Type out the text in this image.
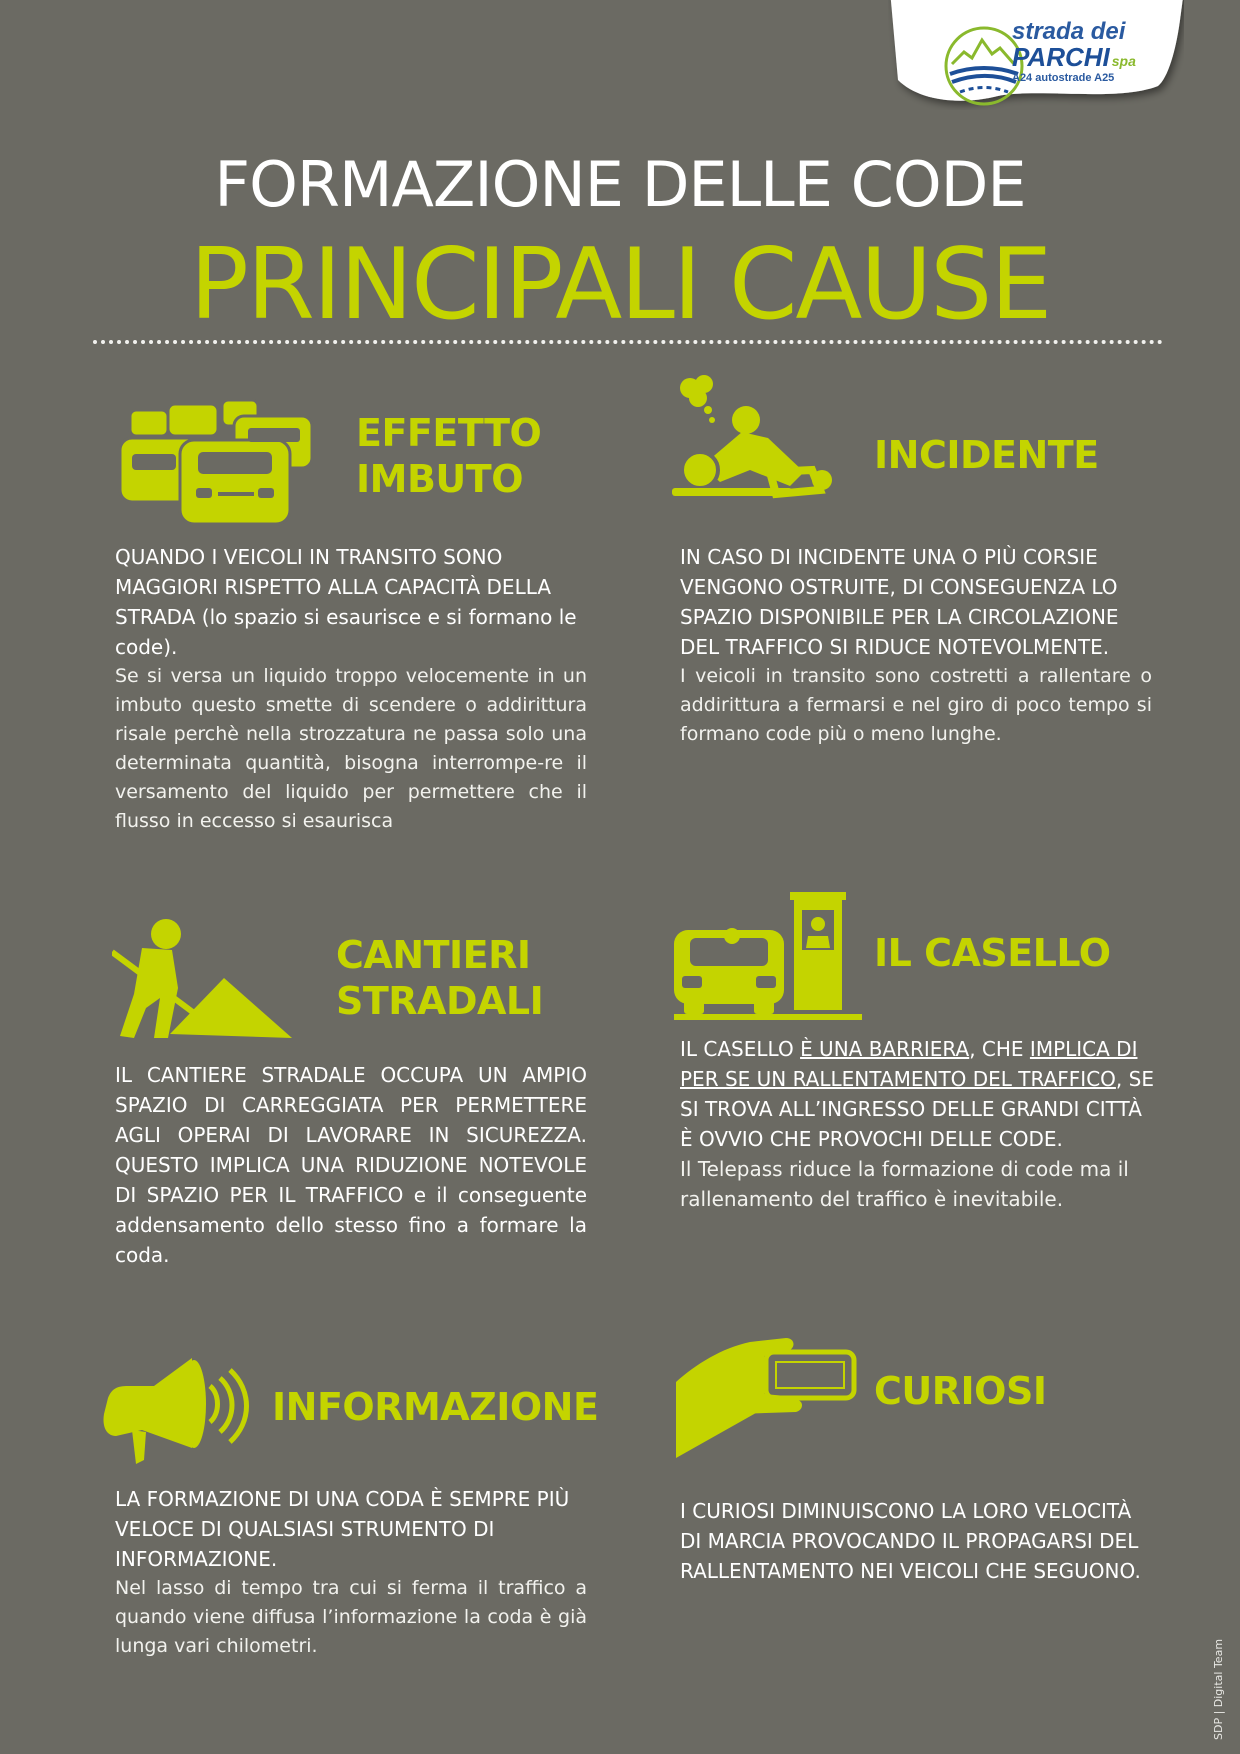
strada dei
PARCHI spa
A24 autostrade A25
FORMAZIONE DELLE CODE
PRINCIPALI CAUSE
EFFETTO
IMBUTO
QUANDO I VEICOLI IN TRANSITO SONO MAGGIORI RISPETTO ALLA CAPACITÀ DELLA STRADA (lo spazio si esaurisce e si formano le code).
Se si versa un liquido troppo velocemente in un imbuto questo smette di scendere o addirittura risale perchè nella strozzatura ne passa solo una determinata quantità, bisogna interrompe-re il versamento del liquido per permettere che il flusso in eccesso si esaurisca
INCIDENTE
IN CASO DI INCIDENTE UNA O PIÙ CORSIE VENGONO OSTRUITE, DI CONSEGUENZA LO SPAZIO DISPONIBILE PER LA CIRCOLAZIONE DEL TRAFFICO SI RIDUCE NOTEVOLMENTE.
I veicoli in transito sono costretti a rallentare o addirittura a fermarsi e nel giro di poco tempo si formano code più o meno lunghe.
CANTIERI
STRADALI
IL CANTIERE STRADALE OCCUPA UN AMPIO SPAZIO DI CARREGGIATA PER PERMETTERE AGLI OPERAI DI LAVORARE IN SICUREZZA. QUESTO IMPLICA UNA RIDUZIONE NOTEVOLE DI SPAZIO PER IL TRAFFICO e il conseguente addensamento dello stesso fino a formare la coda.
IL CASELLO
IL CASELLO È UNA BARRIERA, CHE IMPLICA DI PER SE UN RALLENTAMENTO DEL TRAFFICO, SE SI TROVA ALL’INGRESSO DELLE GRANDI CITTÀ È OVVIO CHE PROVOCHI DELLE CODE.
Il Telepass riduce la formazione di code ma il rallenamento del traffico è inevitabile.
INFORMAZIONE
LA FORMAZIONE DI UNA CODA È SEMPRE PIÙ VELOCE DI QUALSIASI STRUMENTO DI INFORMAZIONE.
Nel lasso di tempo tra cui si ferma il traffico a quando viene diffusa l’informazione la coda è già lunga vari chilometri.
CURIOSI
I CURIOSI DIMINUISCONO LA LORO VELOCITÀ DI MARCIA PROVOCANDO IL PROPAGARSI DEL RALLENTAMENTO NEI VEICOLI CHE SEGUONO.
SDP | Digital Team
